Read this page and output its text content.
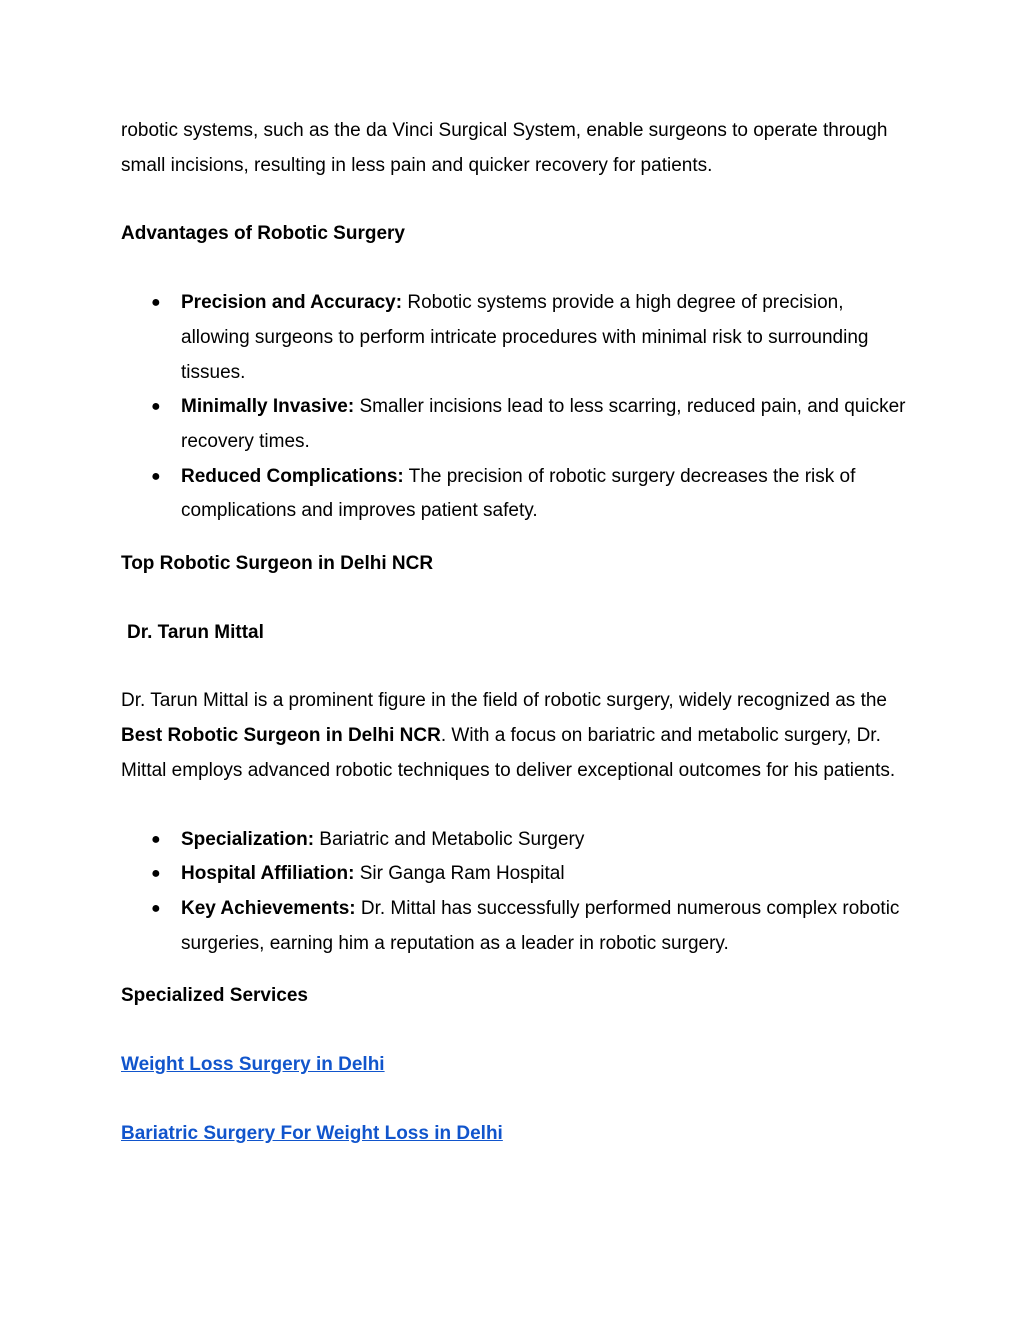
robotic systems, such as the da Vinci Surgical System, enable surgeons to operate through small incisions, resulting in less pain and quicker recovery for patients.

Advantages of Robotic Surgery

● Precision and Accuracy: Robotic systems provide a high degree of precision, allowing surgeons to perform intricate procedures with minimal risk to surrounding tissues.
● Minimally Invasive: Smaller incisions lead to less scarring, reduced pain, and quicker recovery times.
● Reduced Complications: The precision of robotic surgery decreases the risk of complications and improves patient safety.

Top Robotic Surgeon in Delhi NCR

Dr. Tarun Mittal

Dr. Tarun Mittal is a prominent figure in the field of robotic surgery, widely recognized as the Best Robotic Surgeon in Delhi NCR. With a focus on bariatric and metabolic surgery, Dr. Mittal employs advanced robotic techniques to deliver exceptional outcomes for his patients.

● Specialization: Bariatric and Metabolic Surgery
● Hospital Affiliation: Sir Ganga Ram Hospital
● Key Achievements: Dr. Mittal has successfully performed numerous complex robotic surgeries, earning him a reputation as a leader in robotic surgery.

Specialized Services

Weight Loss Surgery in Delhi

Bariatric Surgery For Weight Loss in Delhi
